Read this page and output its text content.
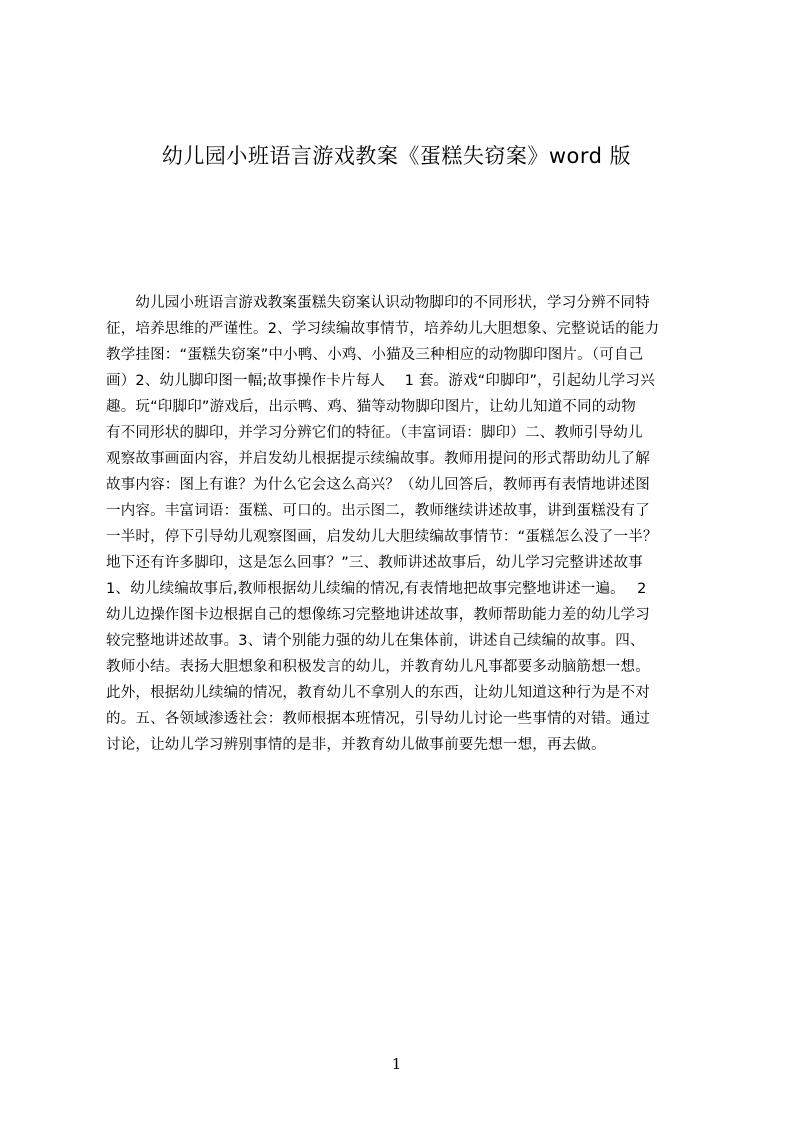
幼儿园小班语言游戏教案《蛋糕失窃案》word 版
　　幼儿园小班语言游戏教案蛋糕失窃案认识动物脚印的不同形状，学习分辨不同特
征，培养思维的严谨性。2、学习续编故事情节，培养幼儿大胆想象、完整说话的能力
教学挂图：“蛋糕失窃案”中小鸭、小鸡、小猫及三种相应的动物脚印图片。（可自己
画）2、幼儿脚印图一幅;故事操作卡片每人　 1 套。游戏“印脚印”，引起幼儿学习兴
趣。玩“印脚印”游戏后，出示鸭、鸡、猫等动物脚印图片，让幼儿知道不同的动物
有不同形状的脚印，并学习分辨它们的特征。（丰富词语：脚印）二、教师引导幼儿
观察故事画面内容，并启发幼儿根据提示续编故事。教师用提问的形式帮助幼儿了解
故事内容：图上有谁？为什么它会这么高兴？（幼儿回答后，教师再有表情地讲述图
一内容。丰富词语：蛋糕、可口的。出示图二，教师继续讲述故事，讲到蛋糕没有了
一半时，停下引导幼儿观察图画，启发幼儿大胆续编故事情节：“蛋糕怎么没了一半？
地下还有许多脚印，这是怎么回事？”三、教师讲述故事后，幼儿学习完整讲述故事
1、幼儿续编故事后,教师根据幼儿续编的情况,有表情地把故事完整地讲述一遍。　 2
幼儿边操作图卡边根据自己的想像练习完整地讲述故事，教师帮助能力差的幼儿学习
较完整地讲述故事。3、请个别能力强的幼儿在集体前，讲述自己续编的故事。四、
教师小结。表扬大胆想象和积极发言的幼儿，并教育幼儿凡事都要多动脑筋想一想。
此外，根据幼儿续编的情况，教育幼儿不拿别人的东西，让幼儿知道这种行为是不对
的。五、各领域渗透社会：教师根据本班情况，引导幼儿讨论一些事情的对错。通过
讨论，让幼儿学习辨别事情的是非，并教育幼儿做事前要先想一想，再去做。
1
